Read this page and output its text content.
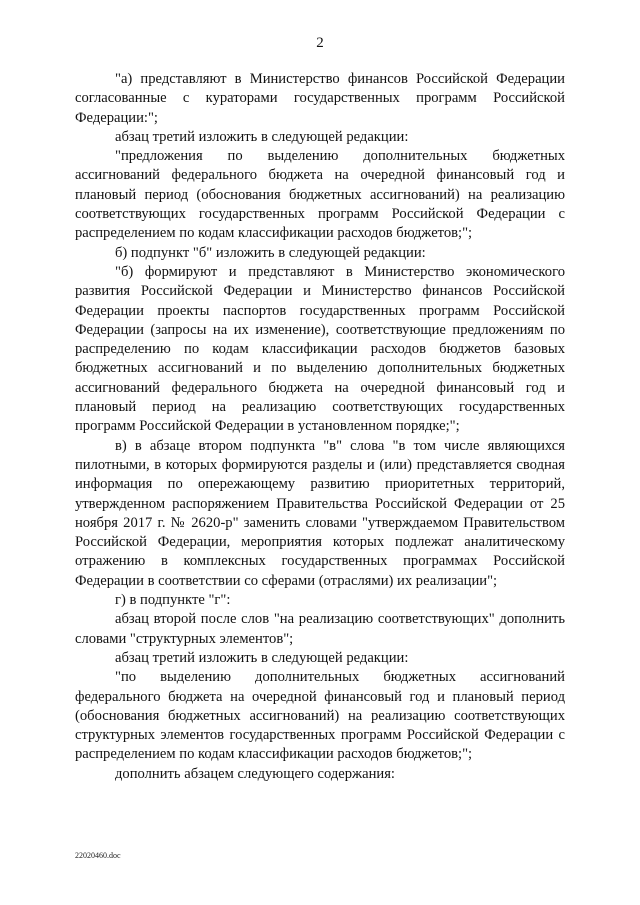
2

"а) представляют в Министерство финансов Российской Федерации согласованные с кураторами государственных программ Российской Федерации:";

абзац третий изложить в следующей редакции:

"предложения по выделению дополнительных бюджетных ассигнований федерального бюджета на очередной финансовый год и плановый период (обоснования бюджетных ассигнований) на реализацию соответствующих государственных программ Российской Федерации с распределением по кодам классификации расходов бюджетов;";

б) подпункт "б" изложить в следующей редакции:

"б) формируют и представляют в Министерство экономического развития Российской Федерации и Министерство финансов Российской Федерации проекты паспортов государственных программ Российской Федерации (запросы на их изменение), соответствующие предложениям по распределению по кодам классификации расходов бюджетов базовых бюджетных ассигнований и по выделению дополнительных бюджетных ассигнований федерального бюджета на очередной финансовый год и плановый период на реализацию соответствующих государственных программ Российской Федерации в установленном порядке;";

в) в абзаце втором подпункта "в" слова "в том числе являющихся пилотными, в которых формируются разделы и (или) представляется сводная информация по опережающему развитию приоритетных территорий, утвержденном распоряжением Правительства Российской Федерации от 25 ноября 2017 г. № 2620-р" заменить словами "утверждаемом Правительством Российской Федерации, мероприятия которых подлежат аналитическому отражению в комплексных государственных программах Российской Федерации в соответствии со сферами (отраслями) их реализации";

г) в подпункте "г":

абзац второй после слов "на реализацию соответствующих" дополнить словами "структурных элементов";

абзац третий изложить в следующей редакции:

"по выделению дополнительных бюджетных ассигнований федерального бюджета на очередной финансовый год и плановый период (обоснования бюджетных ассигнований) на реализацию соответствующих структурных элементов государственных программ Российской Федерации с распределением по кодам классификации расходов бюджетов;";

дополнить абзацем следующего содержания:

22020460.doc
